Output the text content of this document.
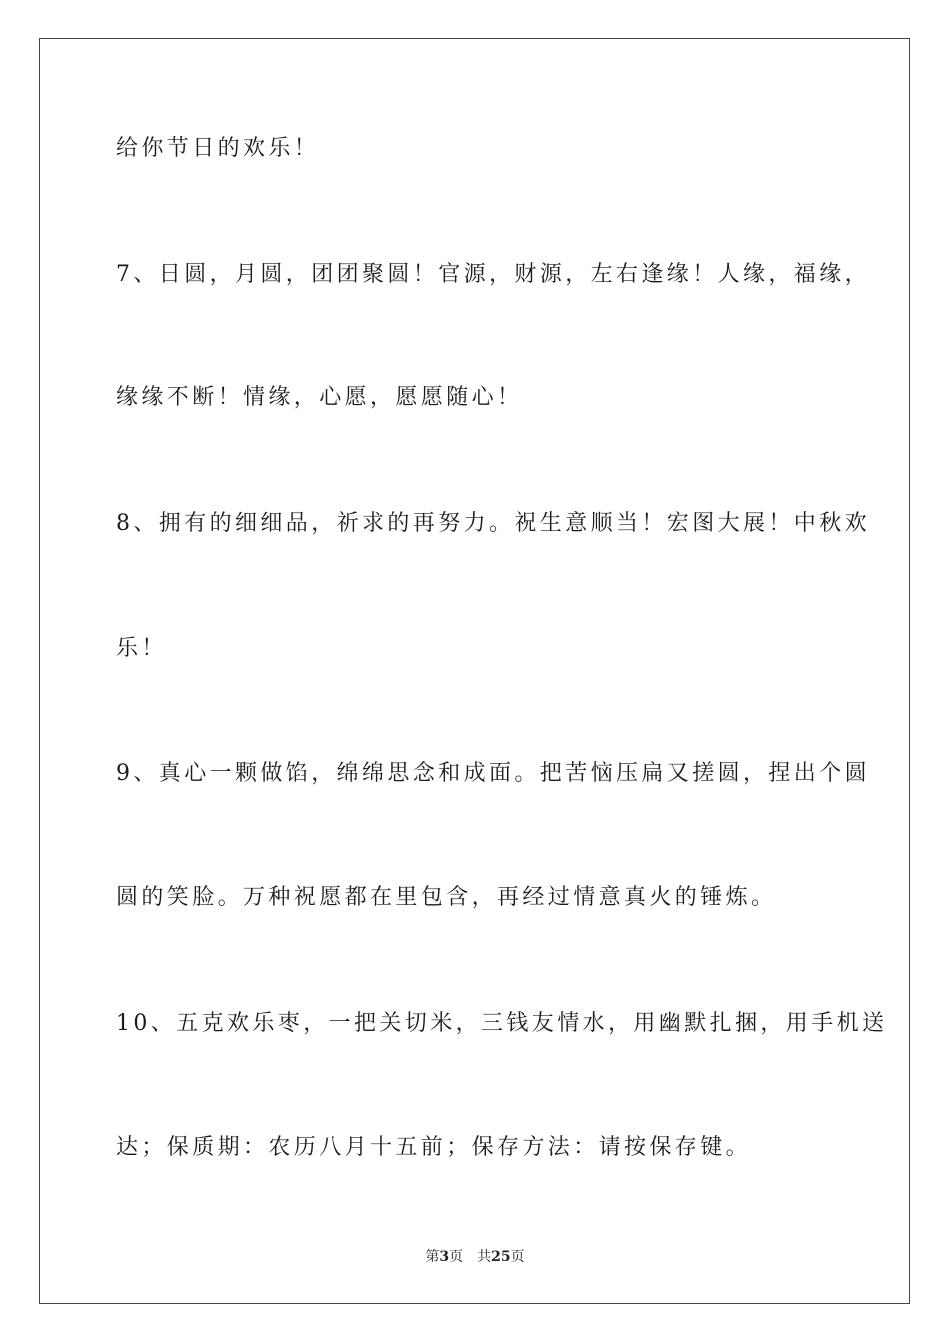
给你节日的欢乐！
7、日圆，月圆，团团聚圆！官源，财源，左右逢缘！人缘，福缘，
缘缘不断！情缘，心愿，愿愿随心！
8、拥有的细细品，祈求的再努力。祝生意顺当！宏图大展！中秋欢
乐！
9、真心一颗做馅，绵绵思念和成面。把苦恼压扁又搓圆，捏出个圆
圆的笑脸。万种祝愿都在里包含，再经过情意真火的锤炼。
10、五克欢乐枣，一把关切米，三钱友情水，用幽默扎捆，用手机送
达；保质期：农历八月十五前；保存方法：请按保存键。
第3页 共25页
